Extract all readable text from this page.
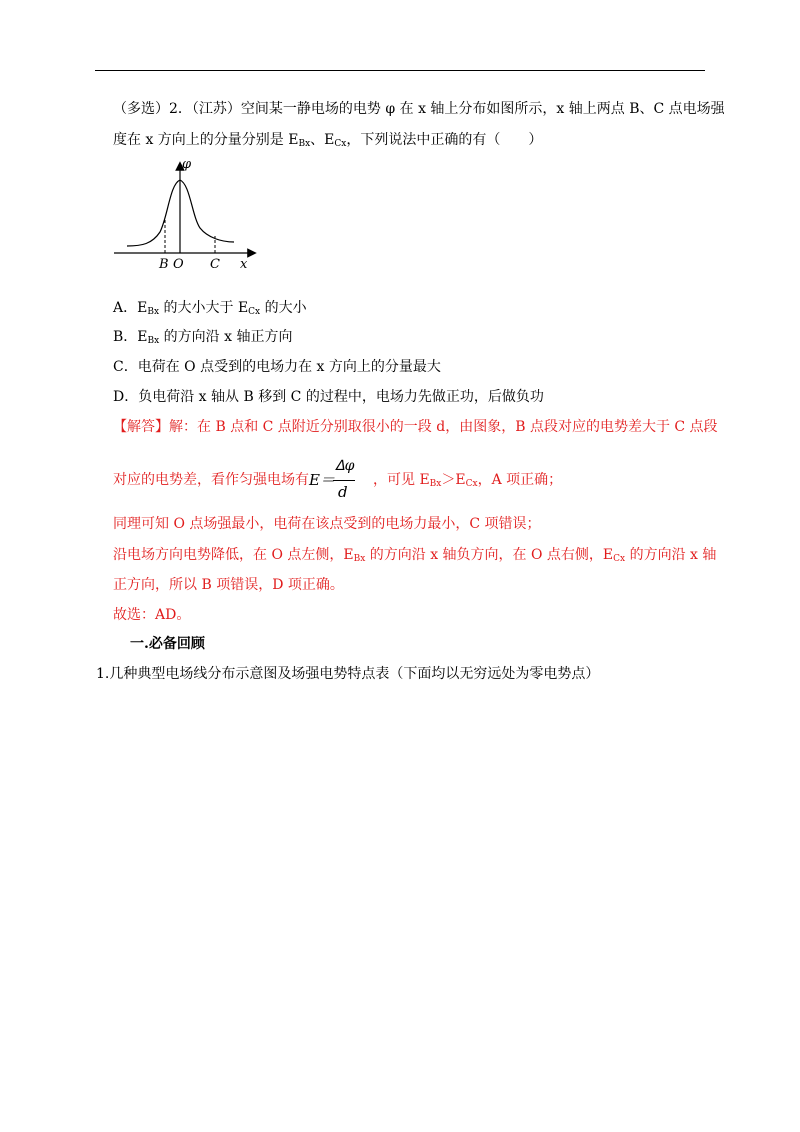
（多选）2．（江苏）空间某一静电场的电势 φ 在 x 轴上分布如图所示，x 轴上两点 B、C 点电场强
度在 x 方向上的分量分别是 $E_{Bx}$、$E_{Cx}$，下列说法中正确的有（　　）
φ
x
B O C
A．$E_{Bx}$ 的大小大于 $E_{Cx}$ 的大小
B．$E_{Bx}$ 的方向沿 x 轴正方向
C．电荷在 O 点受到的电场力在 x 方向上的分量最大
D．负电荷沿 x 轴从 B 移到 C 的过程中，电场力先做正功，后做负功
【解答】解：在 B 点和 C 点附近分别取很小的一段 d，由图象，B 点段对应的电势差大于 C 点段
对应的电势差，看作匀强电场有 E＝
ᐃφ
d
，可见 $E_{Bx}>E_{Cx}$，A 项正确；
同理可知 O 点场强最小，电荷在该点受到的电场力最小，C 项错误；
沿电场方向电势降低，在 O 点左侧，$E_{Bx}$ 的方向沿 x 轴负方向，在 O 点右侧，$E_{Cx}$ 的方向沿 x 轴
正方向，所以 B 项错误，D 项正确。
故选：AD。
一.必备回顾
1.几种典型电场线分布示意图及场强电势特点表（下面均以无穷远处为零电势点）
